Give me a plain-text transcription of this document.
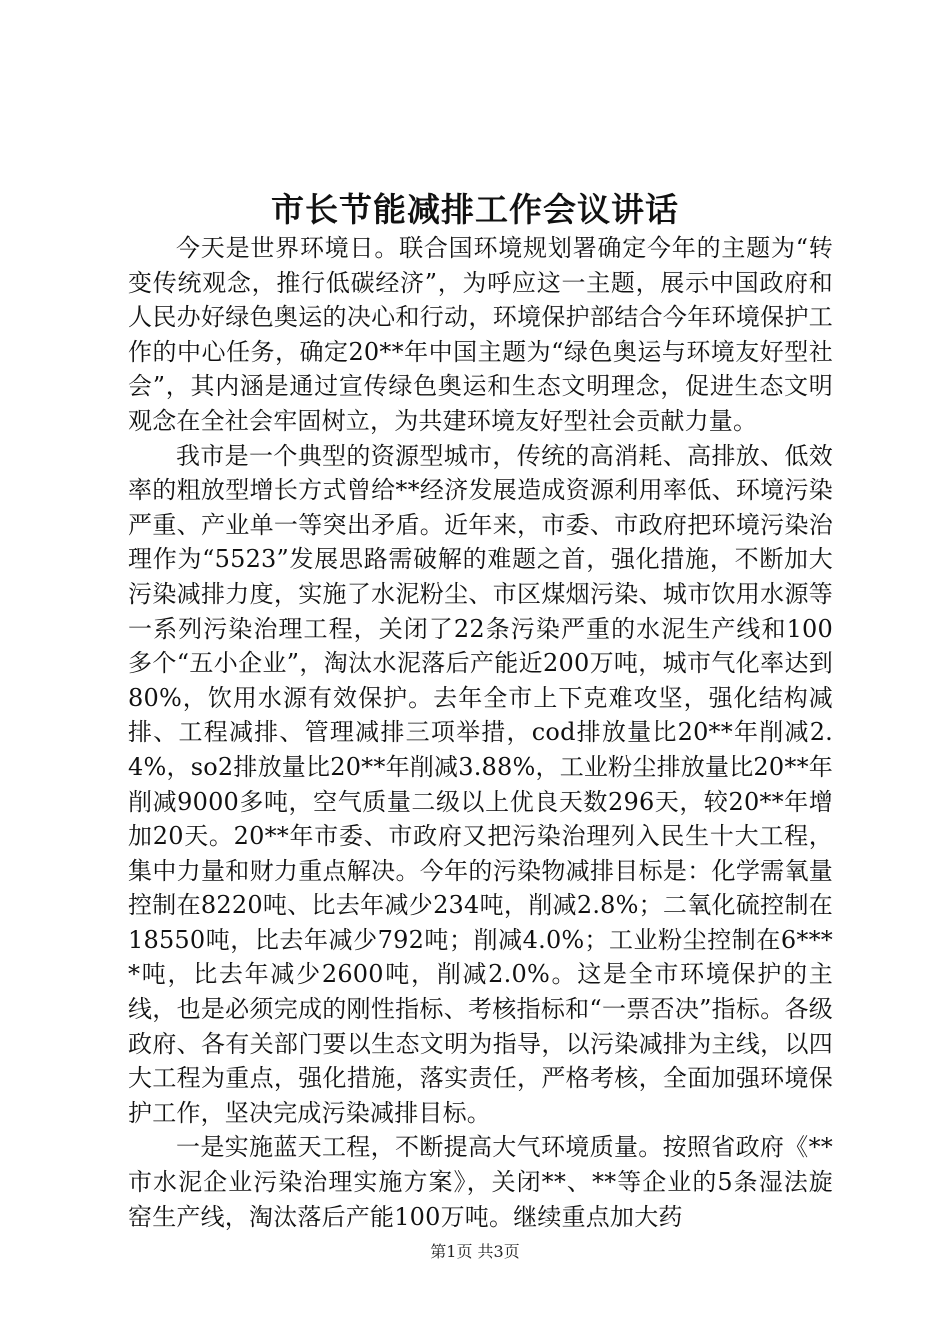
市长节能减排工作会议讲话

今天是世界环境日。联合国环境规划署确定今年的主题为“转变传统观念，推行低碳经济”，为呼应这一主题，展示中国政府和人民办好绿色奥运的决心和行动，环境保护部结合今年环境保护工作的中心任务，确定20**年中国主题为“绿色奥运与环境友好型社会”，其内涵是通过宣传绿色奥运和生态文明理念，促进生态文明观念在全社会牢固树立，为共建环境友好型社会贡献力量。

我市是一个典型的资源型城市，传统的高消耗、高排放、低效率的粗放型增长方式曾给**经济发展造成资源利用率低、环境污染严重、产业单一等突出矛盾。近年来，市委、市政府把环境污染治理作为“5523”发展思路需破解的难题之首，强化措施，不断加大污染减排力度，实施了水泥粉尘、市区煤烟污染、城市饮用水源等一系列污染治理工程，关闭了22条污染严重的水泥生产线和100多个“五小企业”，淘汰水泥落后产能近200万吨，城市气化率达到80%，饮用水源有效保护。去年全市上下克难攻坚，强化结构减排、工程减排、管理减排三项举措，cod排放量比20**年削减2.4%，so2排放量比20**年削减3.88%，工业粉尘排放量比20**年削减9000多吨，空气质量二级以上优良天数296天，较20**年增加20天。20**年市委、市政府又把污染治理列入民生十大工程，集中力量和财力重点解决。今年的污染物减排目标是：化学需氧量控制在8220吨、比去年减少234吨，削减2.8%；二氧化硫控制在18550吨，比去年减少792吨；削减4.0%；工业粉尘控制在6****吨，比去年减少2600吨，削减2.0%。这是全市环境保护的主线，也是必须完成的刚性指标、考核指标和“一票否决”指标。各级政府、各有关部门要以生态文明为指导，以污染减排为主线，以四大工程为重点，强化措施，落实责任，严格考核，全面加强环境保护工作，坚决完成污染减排目标。

一是实施蓝天工程，不断提高大气环境质量。按照省政府《**市水泥企业污染治理实施方案》，关闭**、**等企业的5条湿法旋窑生产线，淘汰落后产能100万吨。继续重点加大药

第1页 共3页
